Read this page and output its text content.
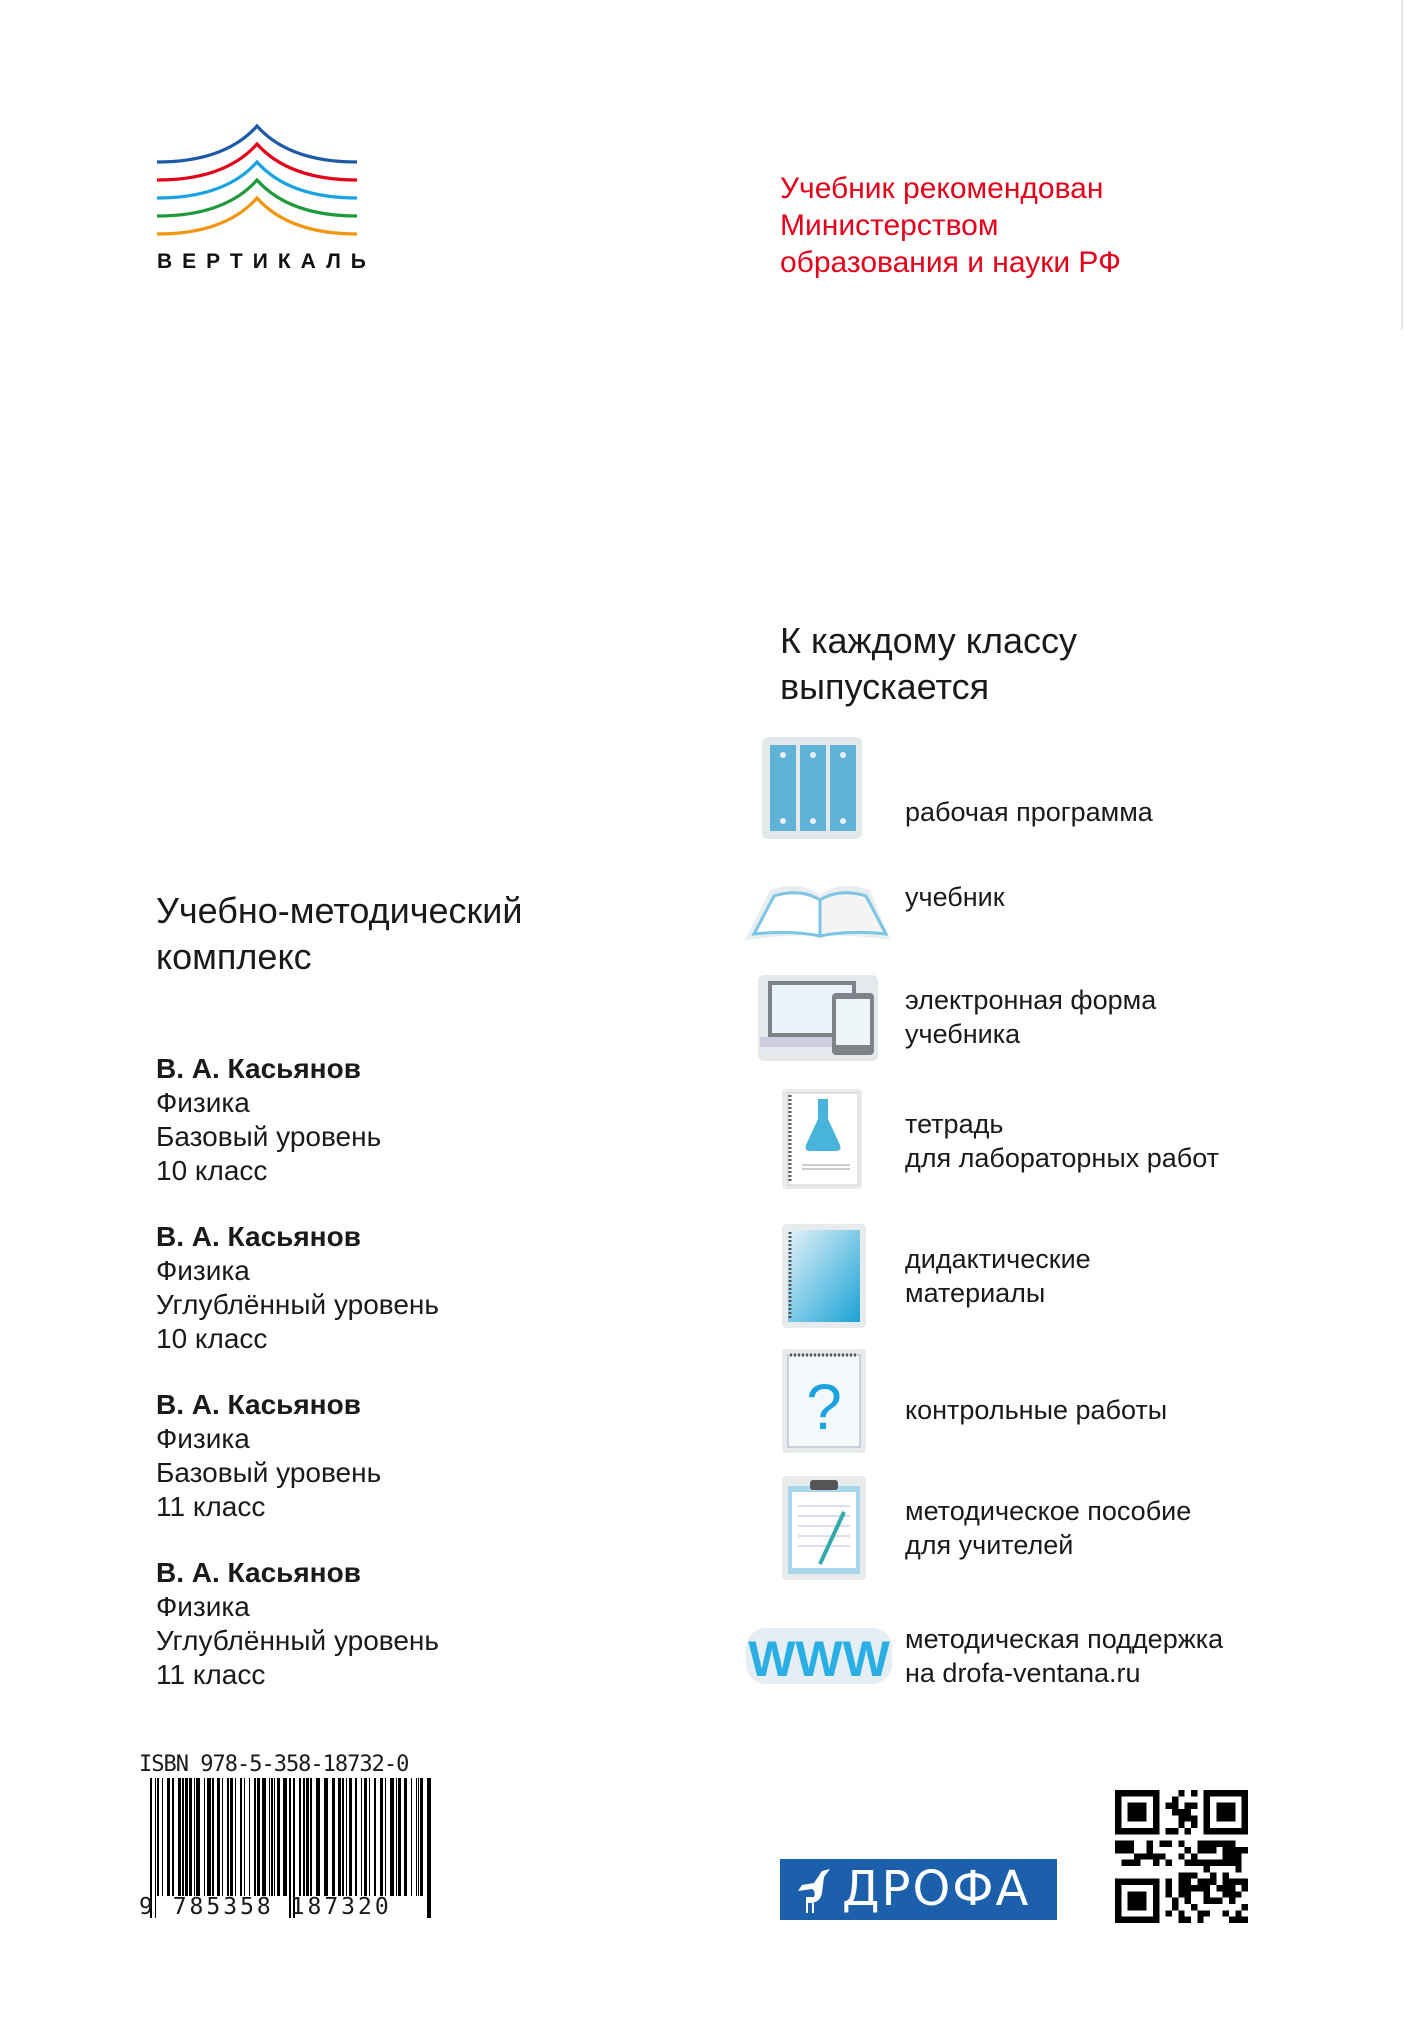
ВЕРТИКАЛЬ
Учебник рекомендован
Министерством
образования и науки РФ
К каждому классу
выпускается
рабочая программа
учебник
электронная форма
учебника
тетрадь
для лабораторных работ
дидактические
материалы
? контрольные работы
методическое пособие
для учителей
WWW методическая поддержка
на drofa-ventana.ru
Учебно-методический
комплекс
В. А. Касьянов
Физика
Базовый уровень
10 класс
В. А. Касьянов
Физика
Углублённый уровень
10 класс
В. А. Касьянов
Физика
Базовый уровень
11 класс
В. А. Касьянов
Физика
Углублённый уровень
11 класс
ISBN 978-5-358-18732-0
9 785358 187320	ДРОФА
